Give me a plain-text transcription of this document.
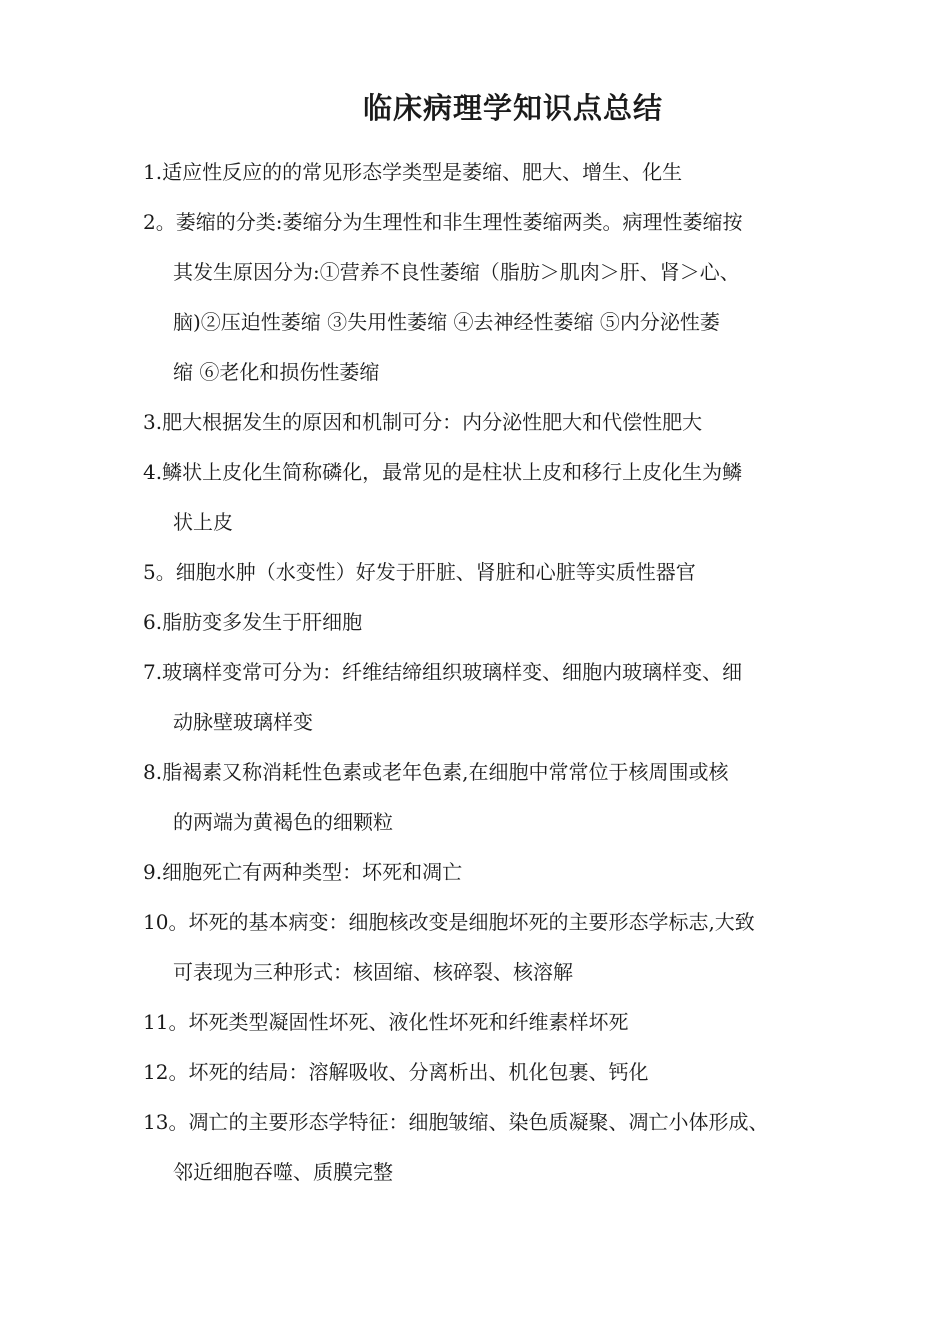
临床病理学知识点总结
1.适应性反应的的常见形态学类型是萎缩、肥大、增生、化生
2。萎缩的分类:萎缩分为生理性和非生理性萎缩两类。病理性萎缩按
其发生原因分为:①营养不良性萎缩（脂肪＞肌肉＞肝、肾＞心、
脑)②压迫性萎缩 ③失用性萎缩 ④去神经性萎缩 ⑤内分泌性萎
缩 ⑥老化和损伤性萎缩
3.肥大根据发生的原因和机制可分：内分泌性肥大和代偿性肥大
4.鳞状上皮化生简称磷化，最常见的是柱状上皮和移行上皮化生为鳞
状上皮
5。细胞水肿（水变性）好发于肝脏、肾脏和心脏等实质性器官
6.脂肪变多发生于肝细胞
7.玻璃样变常可分为：纤维结缔组织玻璃样变、细胞内玻璃样变、细
动脉壁玻璃样变
8.脂褐素又称消耗性色素或老年色素,在细胞中常常位于核周围或核
的两端为黄褐色的细颗粒
9.细胞死亡有两种类型：坏死和凋亡
10。坏死的基本病变：细胞核改变是细胞坏死的主要形态学标志,大致
可表现为三种形式：核固缩、核碎裂、核溶解
11。坏死类型凝固性坏死、液化性坏死和纤维素样坏死
12。坏死的结局：溶解吸收、分离析出、机化包裹、钙化
13。凋亡的主要形态学特征：细胞皱缩、染色质凝聚、凋亡小体形成、
邻近细胞吞噬、质膜完整
